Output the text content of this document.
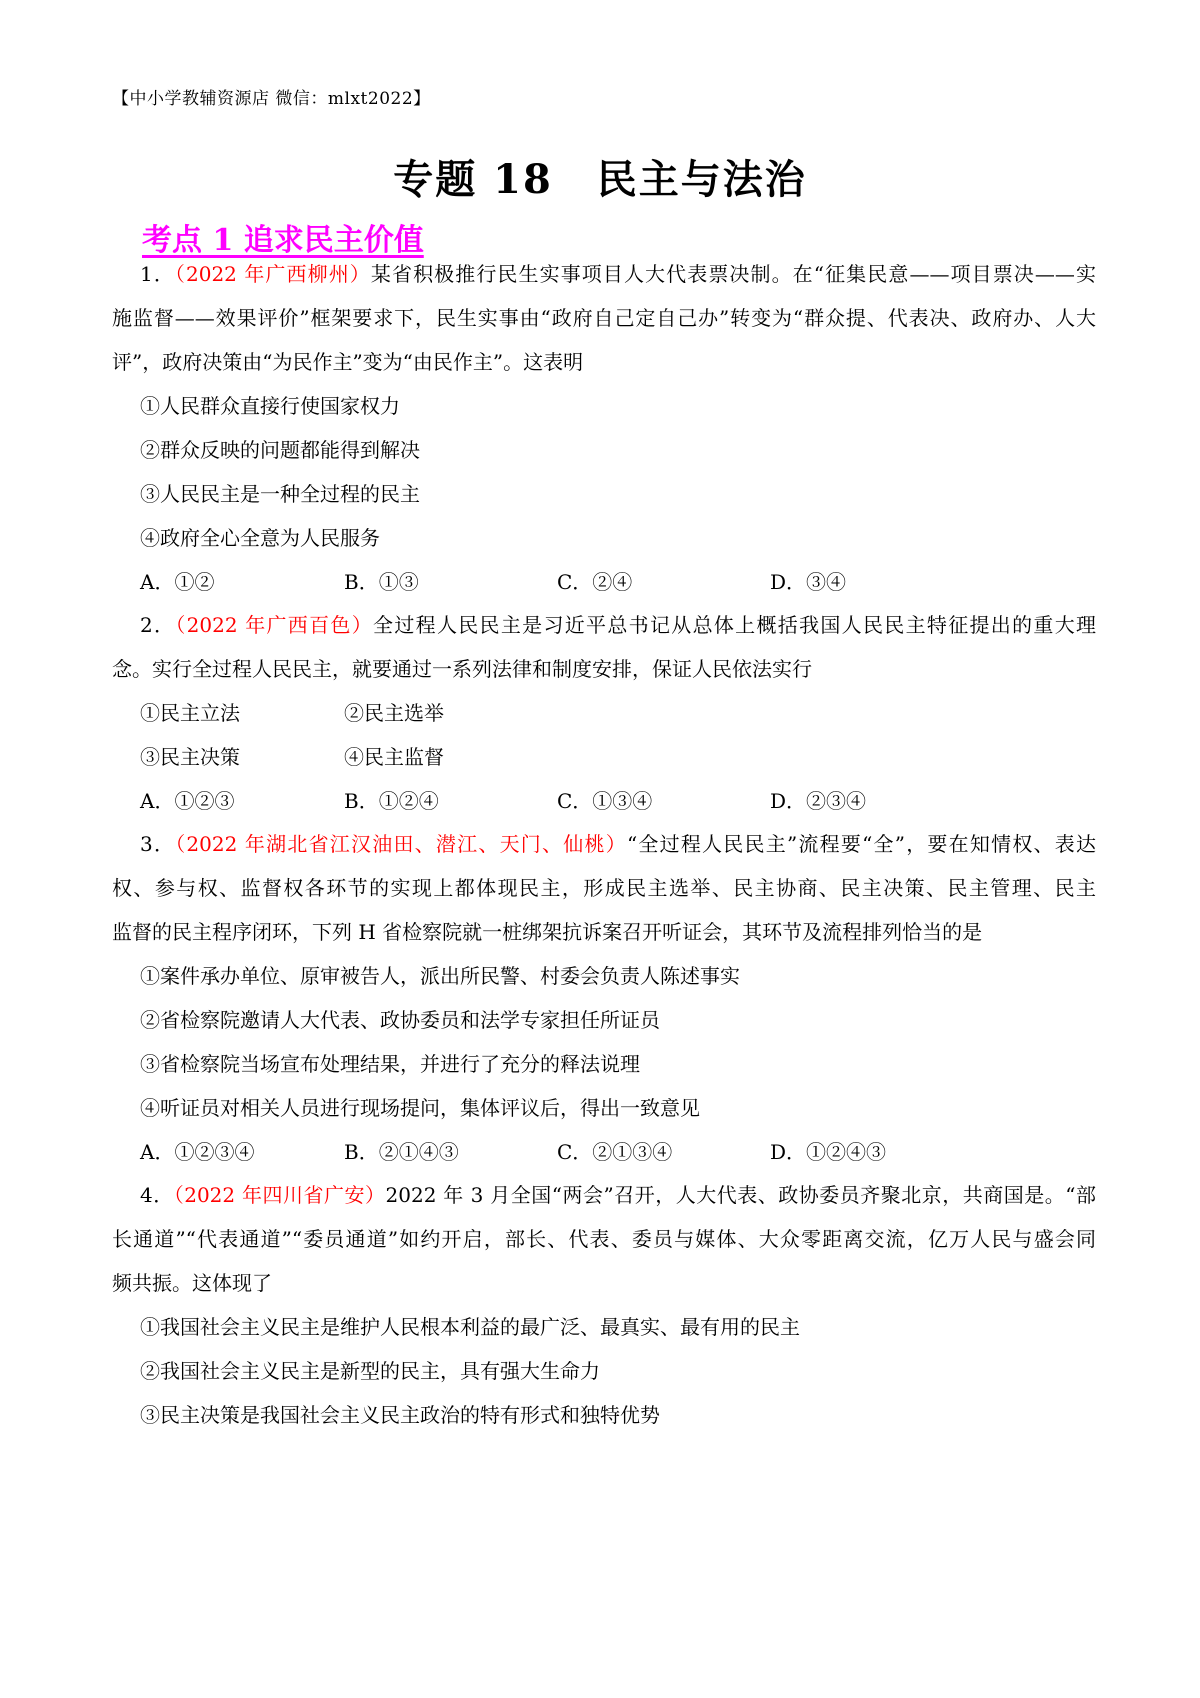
【中小学教辅资源店 微信：mlxt2022】
专题 18 民主与法治
考点 1 追求民主价值
1．（2022 年广西柳州）某省积极推行民生实事项目人大代表票决制。在“征集民意——项目票决——实
施监督——效果评价”框架要求下，民生实事由“政府自己定自己办”转变为“群众提、代表决、政府办、人大
评”，政府决策由“为民作主”变为“由民作主”。这表明
①人民群众直接行使国家权力
②群众反映的问题都能得到解决
③人民民主是一种全过程的民主
④政府全心全意为人民服务
A．①②	B．①③	C．②④	D．③④
2．（2022 年广西百色）全过程人民民主是习近平总书记从总体上概括我国人民民主特征提出的重大理
念。实行全过程人民民主，就要通过一系列法律和制度安排，保证人民依法实行
①民主立法	②民主选举
③民主决策	④民主监督
A．①②③	B．①②④	C．①③④	D．②③④
3．（2022 年湖北省江汉油田、潜江、天门、仙桃）“全过程人民民主”流程要“全”，要在知情权、表达
权、参与权、监督权各环节的实现上都体现民主，形成民主选举、民主协商、民主决策、民主管理、民主
监督的民主程序闭环，下列 H 省检察院就一桩绑架抗诉案召开听证会，其环节及流程排列恰当的是
①案件承办单位、原审被告人，派出所民警、村委会负责人陈述事实
②省检察院邀请人大代表、政协委员和法学专家担任所证员
③省检察院当场宣布处理结果，并进行了充分的释法说理
④听证员对相关人员进行现场提问，集体评议后，得出一致意见
A．①②③④	B．②①④③	C．②①③④	D．①②④③
4．（2022 年四川省广安）2022 年 3 月全国“两会”召开，人大代表、政协委员齐聚北京，共商国是。“部
长通道”“代表通道”“委员通道”如约开启，部长、代表、委员与媒体、大众零距离交流，亿万人民与盛会同
频共振。这体现了
①我国社会主义民主是维护人民根本利益的最广泛、最真实、最有用的民主
②我国社会主义民主是新型的民主，具有强大生命力
③民主决策是我国社会主义民主政治的特有形式和独特优势
